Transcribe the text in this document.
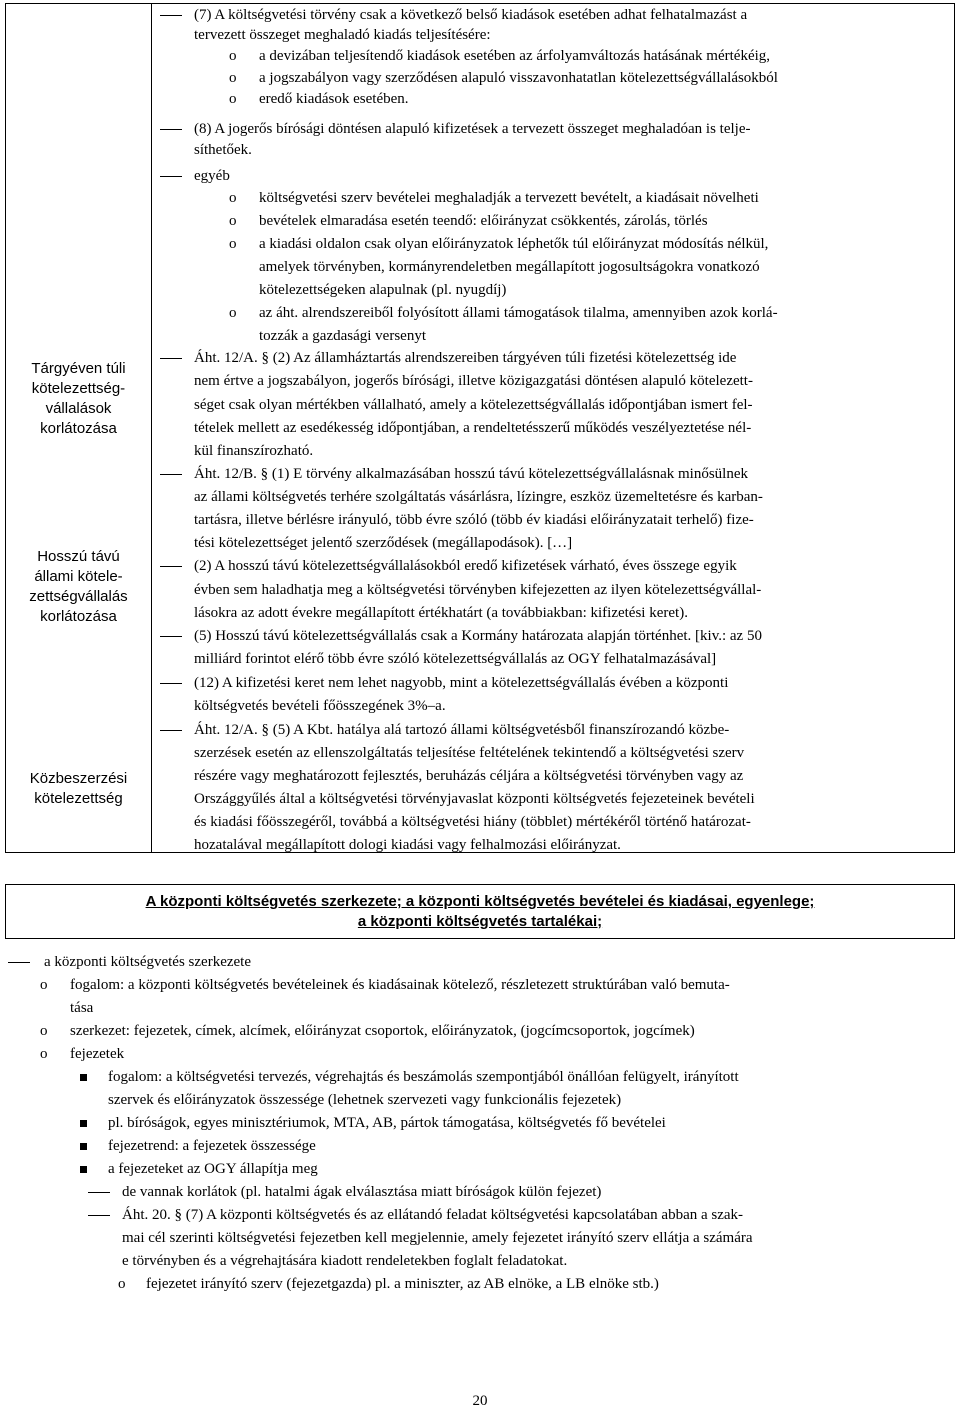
Tárgyéven túli
kötelezettség-
vállalások
korlátozása
Hosszú távú
állami kötele-
zettségvállalás
korlátozása
Közbeszerzési
kötelezettség
(7) A költségvetési törvény csak a következő belső kiadások esetében adhat felhatalmazást a
tervezett összeget meghaladó kiadás teljesítésére:
o a devizában teljesítendő kiadások esetében az árfolyamváltozás hatásának mértékéig,
o a jogszabályon vagy szerződésen alapuló visszavonhatatlan kötelezettségvállalásokból
o eredő kiadások esetében.
(8) A jogerős bírósági döntésen alapuló kifizetések a tervezett összeget meghaladóan is telje-
síthetőek.
egyéb
o költségvetési szerv bevételei meghaladják a tervezett bevételt, a kiadásait növelheti
o bevételek elmaradása esetén teendő: előirányzat csökkentés, zárolás, törlés
o a kiadási oldalon csak olyan előirányzatok léphetők túl előirányzat módosítás nélkül,
amelyek törvényben, kormányrendeletben megállapított jogosultságokra vonatkozó
kötelezettségeken alapulnak (pl. nyugdíj)
o az áht. alrendszereiből folyósított állami támogatások tilalma, amennyiben azok korlá-
tozzák a gazdasági versenyt
Áht. 12/A. § (2) Az államháztartás alrendszereiben tárgyéven túli fizetési kötelezettség ide
nem értve a jogszabályon, jogerős bírósági, illetve közigazgatási döntésen alapuló kötelezett-
séget csak olyan mértékben vállalható, amely a kötelezettségvállalás időpontjában ismert fel-
tételek mellett az esedékesség időpontjában, a rendeltetésszerű működés veszélyeztetése nél-
kül finanszírozható.
Áht. 12/B. § (1) E törvény alkalmazásában hosszú távú kötelezettségvállalásnak minősülnek
az állami költségvetés terhére szolgáltatás vásárlásra, lízingre, eszköz üzemeltetésre és karban-
tartásra, illetve bérlésre irányuló, több évre szóló (több év kiadási előirányzatait terhelő) fize-
tési kötelezettséget jelentő szerződések (megállapodások). […]
(2) A hosszú távú kötelezettségvállalásokból eredő kifizetések várható, éves összege egyik
évben sem haladhatja meg a költségvetési törvényben kifejezetten az ilyen kötelezettségvállal-
lásokra az adott évekre megállapított értékhatárt (a továbbiakban: kifizetési keret).
(5) Hosszú távú kötelezettségvállalás csak a Kormány határozata alapján történhet. [kiv.: az 50
milliárd forintot elérő több évre szóló kötelezettségvállalás az OGY felhatalmazásával]
(12) A kifizetési keret nem lehet nagyobb, mint a kötelezettségvállalás évében a központi
költségvetés bevételi főösszegének 3%–a.
Áht. 12/A. § (5) A Kbt. hatálya alá tartozó állami költségvetésből finanszírozandó közbe-
szerzések esetén az ellenszolgáltatás teljesítése feltételének tekintendő a költségvetési szerv
részére vagy meghatározott fejlesztés, beruházás céljára a költségvetési törvényben vagy az
Országgyűlés által a költségvetési törvényjavaslat központi költségvetés fejezeteinek bevételi
és kiadási főösszegéről, továbbá a költségvetési hiány (többlet) mértékéről történő határozat-
hozatalával megállapított dologi kiadási vagy felhalmozási előirányzat.
A központi költségvetés szerkezete; a központi költségvetés bevételei és kiadásai, egyenlege;
a központi költségvetés tartalékai;
a központi költségvetés szerkezete
o fogalom: a központi költségvetés bevételeinek és kiadásainak kötelező, részletezett struktúrában való bemuta-
tása
o szerkezet: fejezetek, címek, alcímek, előirányzat csoportok, előirányzatok, (jogcímcsoportok, jogcímek)
o fejezetek
fogalom: a költségvetési tervezés, végrehajtás és beszámolás szempontjából önállóan felügyelt, irányított
szervek és előirányzatok összessége (lehetnek szervezeti vagy funkcionális fejezetek)
pl. bíróságok, egyes minisztériumok, MTA, AB, pártok támogatása, költségvetés fő bevételei
fejezetrend: a fejezetek összessége
a fejezeteket az OGY állapítja meg
de vannak korlátok (pl. hatalmi ágak elválasztása miatt bíróságok külön fejezet)
Áht. 20. § (7) A központi költségvetés és az ellátandó feladat költségvetési kapcsolatában abban a szak-
mai cél szerinti költségvetési fejezetben kell megjelennie, amely fejezetet irányító szerv ellátja a számára
e törvényben és a végrehajtására kiadott rendeletekben foglalt feladatokat.
o fejezetet irányító szerv (fejezetgazda) pl. a miniszter, az AB elnöke, a LB elnöke stb.)
20
